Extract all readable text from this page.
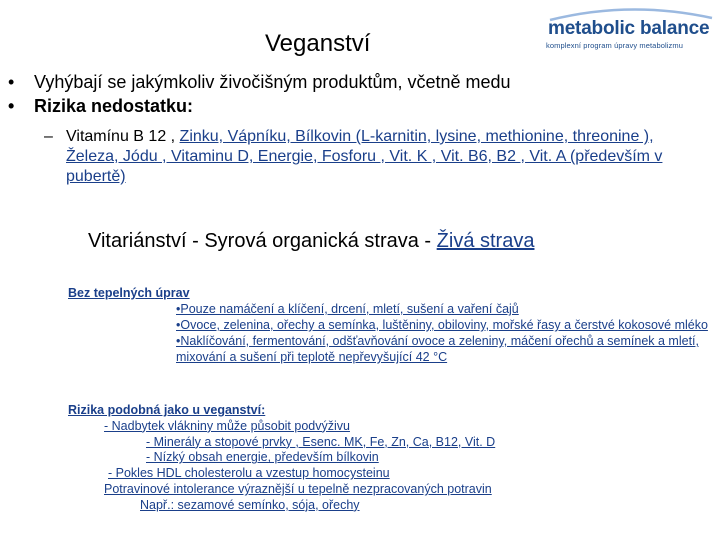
Veganství
metabolic balance
komplexní program úpravy metabolizmu
• Vyhýbají se jakýmkoliv živočišným produktům, včetně medu
• Rizika nedostatku:
– Vitamínu B 12 , Zinku, Vápníku, Bílkovin (L-karnitin, lysine, methionine, threonine ), Železa, Jódu , Vitaminu D, Energie, Fosforu , Vit. K , Vit. B6, B2 , Vit. A (především v pubertě)
Vitariánství - Syrová organická strava - Živá strava
Bez tepelných úprav
•Pouze namáčení a klíčení, drcení, mletí, sušení a vaření čajů
•Ovoce, zelenina, ořechy a semínka, luštěniny, obiloviny, mořské řasy a čerstvé kokosové mléko
•Naklíčování, fermentování, odšťavňování ovoce a zeleniny, máčení ořechů a semínek a mletí, mixování a sušení při teplotě nepřevyšující 42 °C
Rizika podobná jako u veganství:
- Nadbytek vlákniny může působit podvýživu
- Minerály a stopové prvky , Esenc. MK, Fe, Zn, Ca, B12, Vit. D
- Nízký obsah energie, především bílkovin
- Pokles HDL cholesterolu a vzestup homocysteinu
Potravinové intolerance výraznější u tepelně nezpracovaných potravin
Např.: sezamové semínko, sója, ořechy
